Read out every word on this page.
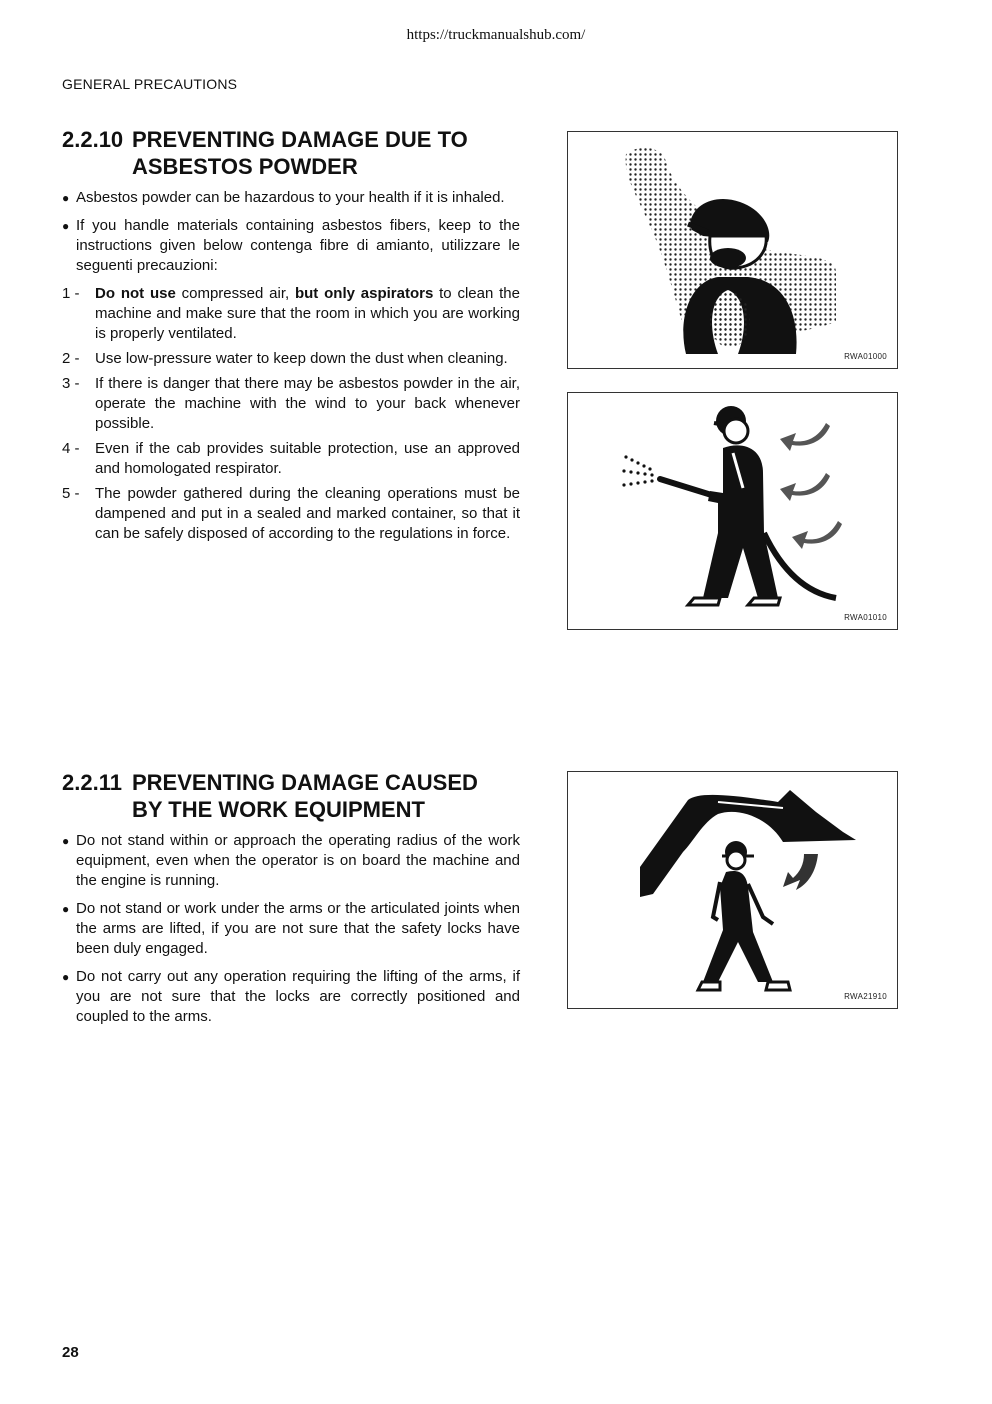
https://truckmanualshub.com/
GENERAL PRECAUTIONS
2.2.10 PREVENTING DAMAGE DUE TO
ASBESTOS POWDER
● Asbestos powder can be hazardous to your health if it is inhaled.
● If you handle materials containing asbestos fibers, keep to the instructions given below contenga fibre di amianto, utilizzare le seguenti precauzioni:
1 -	Do not use compressed air, but only aspirators to clean the machine and make sure that the room in which you are working is properly ventilated.
2 -	Use low-pressure water to keep down the dust when cleaning.
3 -	If there is danger that there may be asbestos powder in the air, operate the machine with the wind to your back whenever possible.
4 -	Even if the cab provides suitable protection, use an approved and homologated respirator.
5 -	The powder gathered during the cleaning operations must be dampened and put in a sealed and marked container, so that it can be safely disposed of according to the regulations in force.
RWA01000
RWA01010
2.2.11 PREVENTING DAMAGE CAUSED
BY THE WORK EQUIPMENT
● Do not stand within or approach the operating radius of the work equipment, even when the operator is on board the machine and the engine is running.
● Do not stand or work under the arms or the articulated joints when the arms are lifted, if you are not sure that the safety locks have been duly engaged.
● Do not carry out any operation requiring the lifting of the arms, if you are not sure that the locks are correctly positioned and coupled to the arms.
RWA21910
28
